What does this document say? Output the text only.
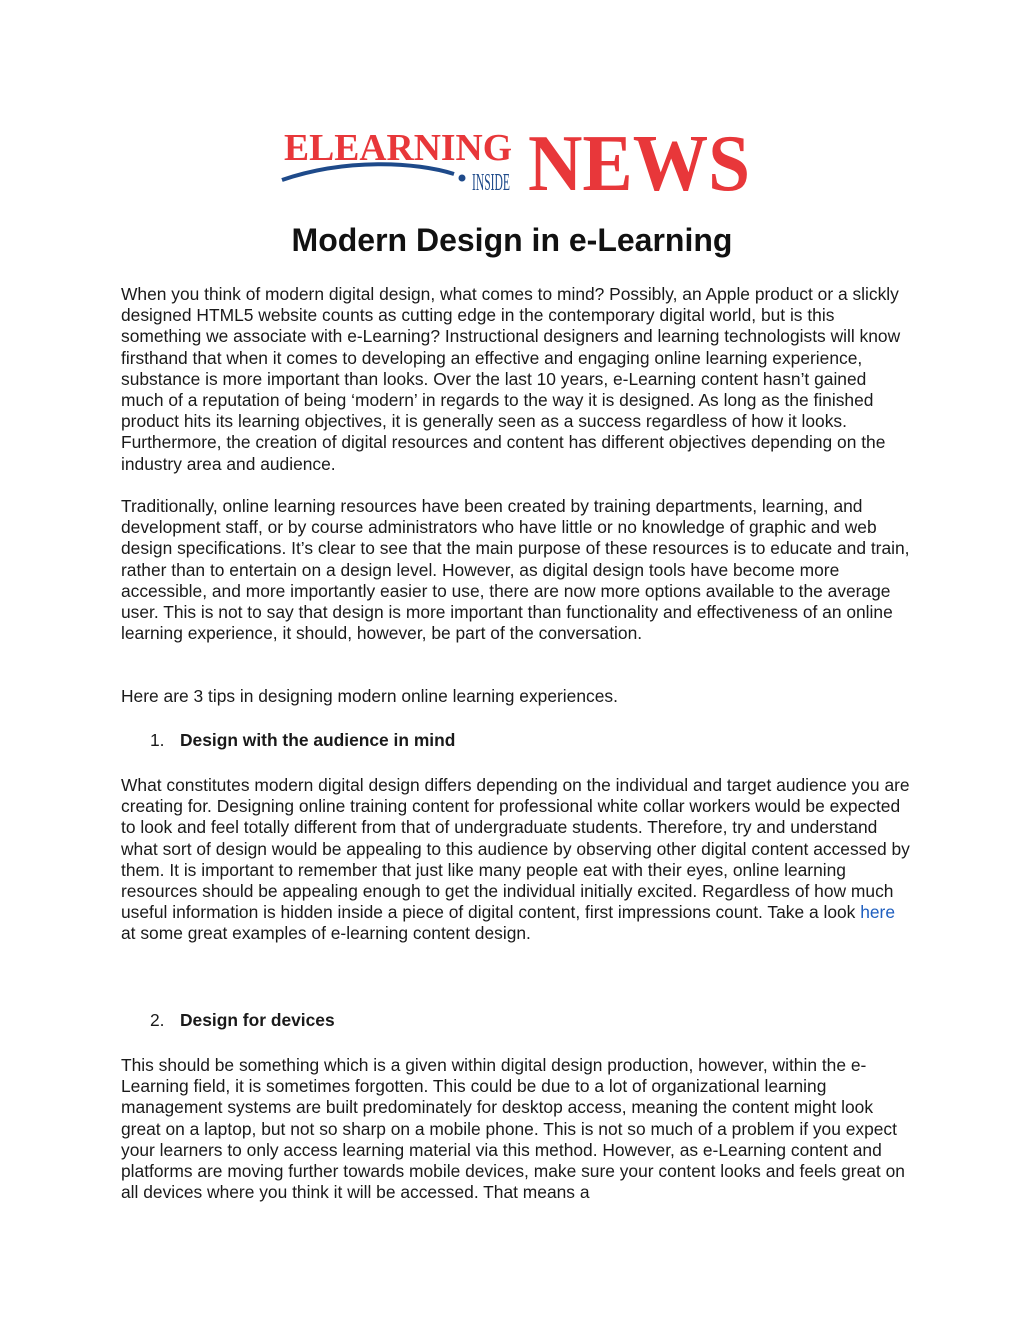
ELEARNING
INSIDE NEWS
Modern Design in e-Learning

When you think of modern digital design, what comes to mind? Possibly, an Apple product or a slickly designed HTML5 website counts as cutting edge in the contemporary digital world, but is this something we associate with e-Learning? Instructional designers and learning technologists will know firsthand that when it comes to developing an effective and engaging online learning experience, substance is more important than looks. Over the last 10 years, e-Learning content hasn’t gained much of a reputation of being ‘modern’ in regards to the way it is designed. As long as the finished product hits its learning objectives, it is generally seen as a success regardless of how it looks. Furthermore, the creation of digital resources and content has different objectives depending on the industry area and audience.

Traditionally, online learning resources have been created by training departments, learning, and development staff, or by course administrators who have little or no knowledge of graphic and web design specifications. It’s clear to see that the main purpose of these resources is to educate and train, rather than to entertain on a design level. However, as digital design tools have become more accessible, and more importantly easier to use, there are now more options available to the average user. This is not to say that design is more important than functionality and effectiveness of an online learning experience, it should, however, be part of the conversation.

Here are 3 tips in designing modern online learning experiences.

1. Design with the audience in mind

What constitutes modern digital design differs depending on the individual and target audience you are creating for. Designing online training content for professional white collar workers would be expected to look and feel totally different from that of undergraduate students. Therefore, try and understand what sort of design would be appealing to this audience by observing other digital content accessed by them. It is important to remember that just like many people eat with their eyes, online learning resources should be appealing enough to get the individual initially excited. Regardless of how much useful information is hidden inside a piece of digital content, first impressions count. Take a look here at some great examples of e-learning content design.

2. Design for devices

This should be something which is a given within digital design production, however, within the e-Learning field, it is sometimes forgotten. This could be due to a lot of organizational learning management systems are built predominately for desktop access, meaning the content might look great on a laptop, but not so sharp on a mobile phone. This is not so much of a problem if you expect your learners to only access learning material via this method. However, as e-Learning content and platforms are moving further towards mobile devices, make sure your content looks and feels great on all devices where you think it will be accessed. That means a
